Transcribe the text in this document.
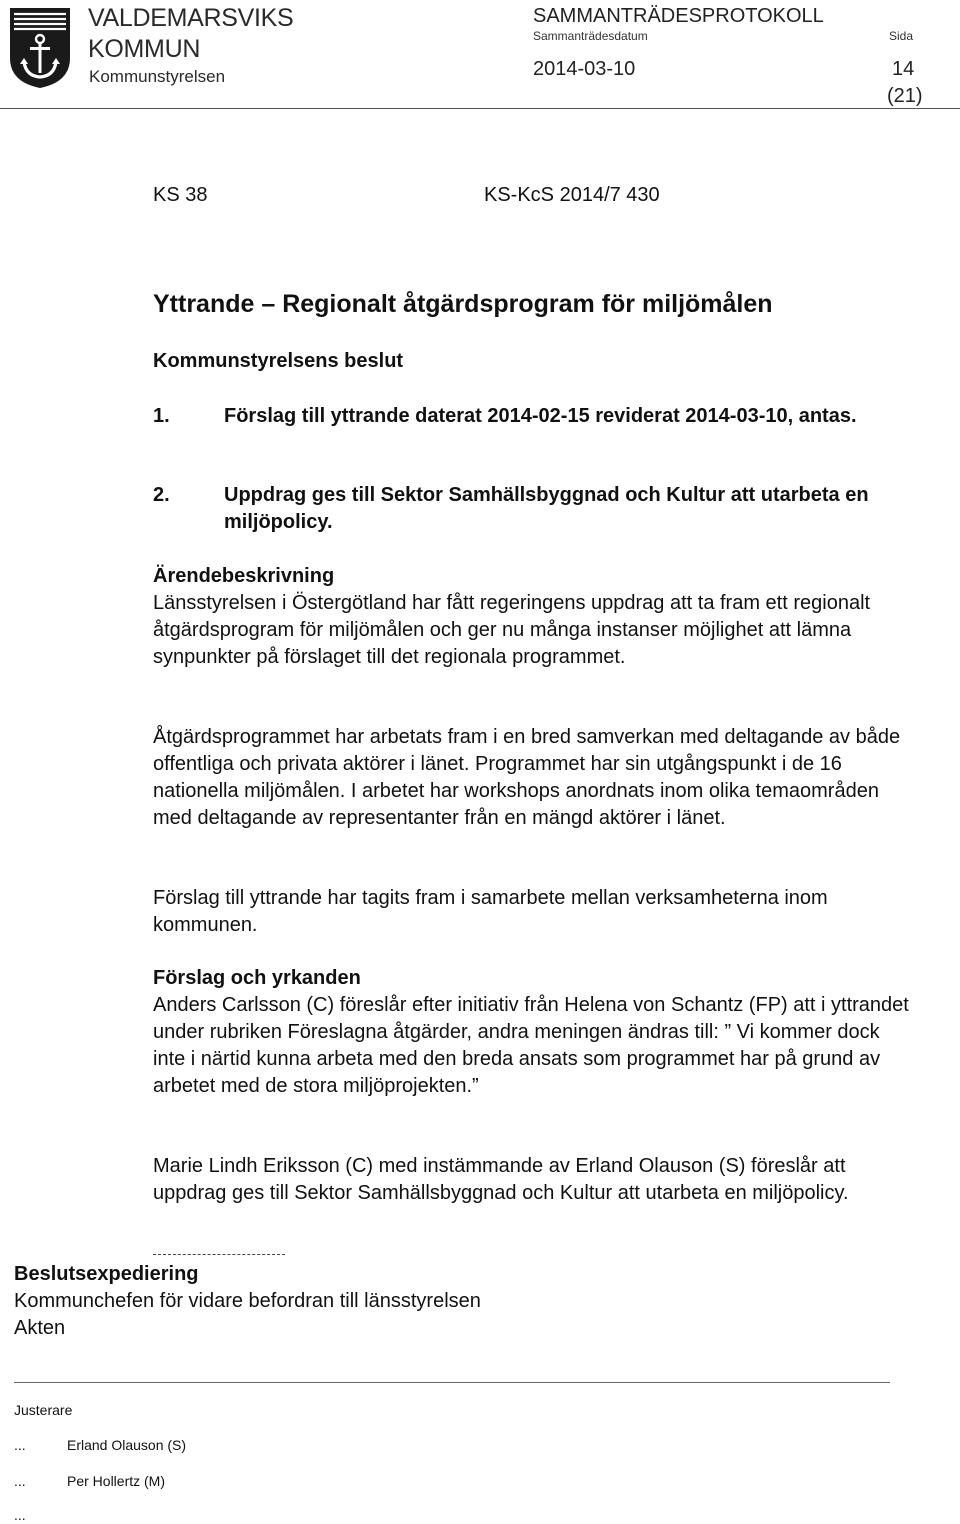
VALDEMARSVIKS
KOMMUN
Kommunstyrelsen
SAMMANTRÄDESPROTOKOLL
Sammanträdesdatum	Sida
2014-03-10	14
(21)
KS 38	KS-KcS 2014/7 430
Yttrande – Regionalt åtgärdsprogram för miljömålen
Kommunstyrelsens beslut
1.	Förslag till yttrande daterat 2014-02-15 reviderat 2014-03-10, antas.
2.	Uppdrag ges till Sektor Samhällsbyggnad och Kultur att utarbeta en miljöpolicy.
Ärendebeskrivning
Länsstyrelsen i Östergötland har fått regeringens uppdrag att ta fram ett regionalt åtgärdsprogram för miljömålen och ger nu många instanser möjlighet att lämna synpunkter på förslaget till det regionala programmet.
Åtgärdsprogrammet har arbetats fram i en bred samverkan med deltagande av både offentliga och privata aktörer i länet. Programmet har sin utgångspunkt i de 16 nationella miljömålen. I arbetet har workshops anordnats inom olika temaområden med deltagande av representanter från en mängd aktörer i länet.
Förslag till yttrande har tagits fram i samarbete mellan verksamheterna inom kommunen.
Förslag och yrkanden
Anders Carlsson (C) föreslår efter initiativ från Helena von Schantz (FP) att i yttrandet under rubriken Föreslagna åtgärder, andra meningen ändras till: ” Vi kommer dock inte i närtid kunna arbeta med den breda ansats som programmet har på grund av arbetet med de stora miljöprojekten.”
Marie Lindh Eriksson (C) med instämmande av Erland Olauson (S) föreslår att uppdrag ges till Sektor Samhällsbyggnad och Kultur att utarbeta en miljöpolicy.
Beslutsexpediering
Kommunchefen för vidare befordran till länsstyrelsen
Akten
Justerare
...	Erland Olauson (S)
...	Per Hollertz (M)
...
